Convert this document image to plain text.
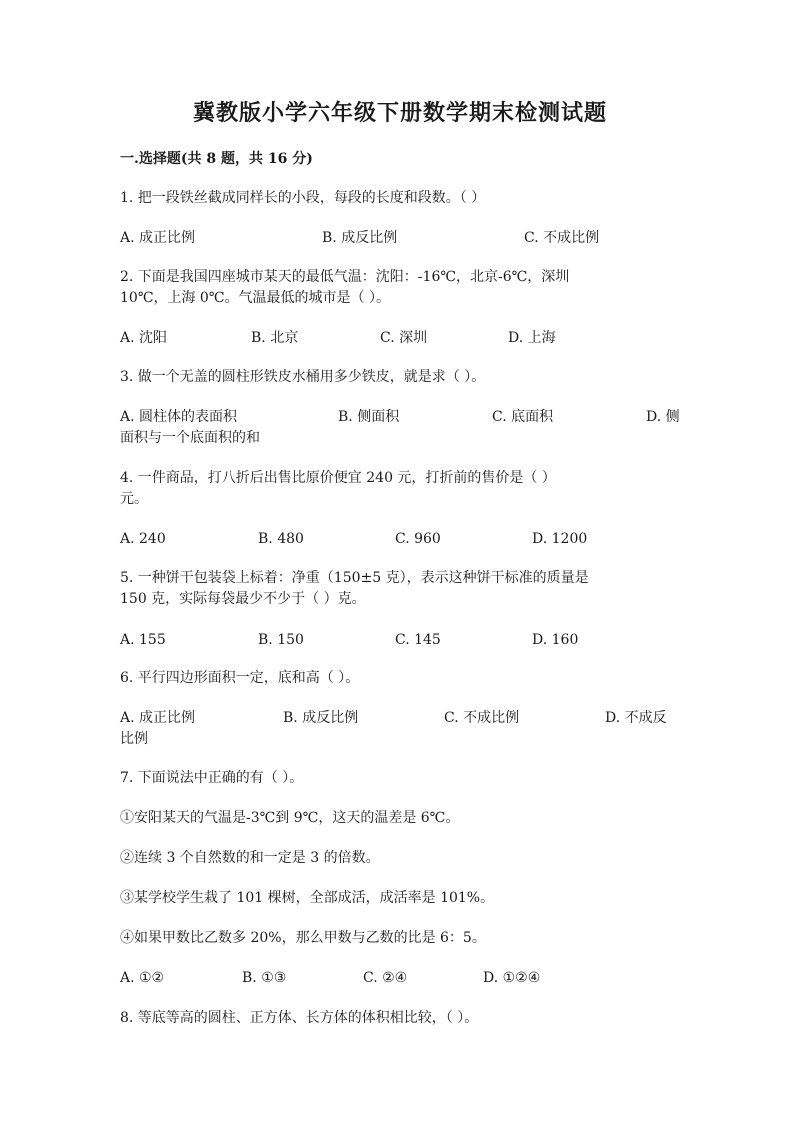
冀教版小学六年级下册数学期末检测试题
一.选择题(共 8 题，共 16 分)
1. 把一段铁丝截成同样长的小段，每段的长度和段数。（ ）
A. 成正比例	B. 成反比例	C. 不成比例
2. 下面是我国四座城市某天的最低气温：沈阳：-16℃，北京-6℃，深圳
10℃，上海 0℃。气温最低的城市是（ ）。
A. 沈阳	B. 北京	C. 深圳	D. 上海
3. 做一个无盖的圆柱形铁皮水桶用多少铁皮，就是求（ ）。
A. 圆柱体的表面积	B. 侧面积	C. 底面积	D. 侧
面积与一个底面积的和
4. 一件商品，打八折后出售比原价便宜 240 元，打折前的售价是（ ）
元。
A. 240	B. 480	C. 960	D. 1200
5. 一种饼干包装袋上标着：净重（150±5 克），表示这种饼干标准的质量是
150 克，实际每袋最少不少于（ ）克。
A. 155	B. 150	C. 145	D. 160
6. 平行四边形面积一定，底和高（ ）。
A. 成正比例	B. 成反比例	C. 不成比例	D. 不成反
比例
7. 下面说法中正确的有（ ）。
①安阳某天的气温是-3℃到 9℃，这天的温差是 6℃。
②连续 3 个自然数的和一定是 3 的倍数。
③某学校学生栽了 101 棵树，全部成活，成活率是 101%。
④如果甲数比乙数多 20%，那么甲数与乙数的比是 6：5。
A. ①②	B. ①③	C. ②④	D. ①②④
8. 等底等高的圆柱、正方体、长方体的体积相比较，（ ）。
